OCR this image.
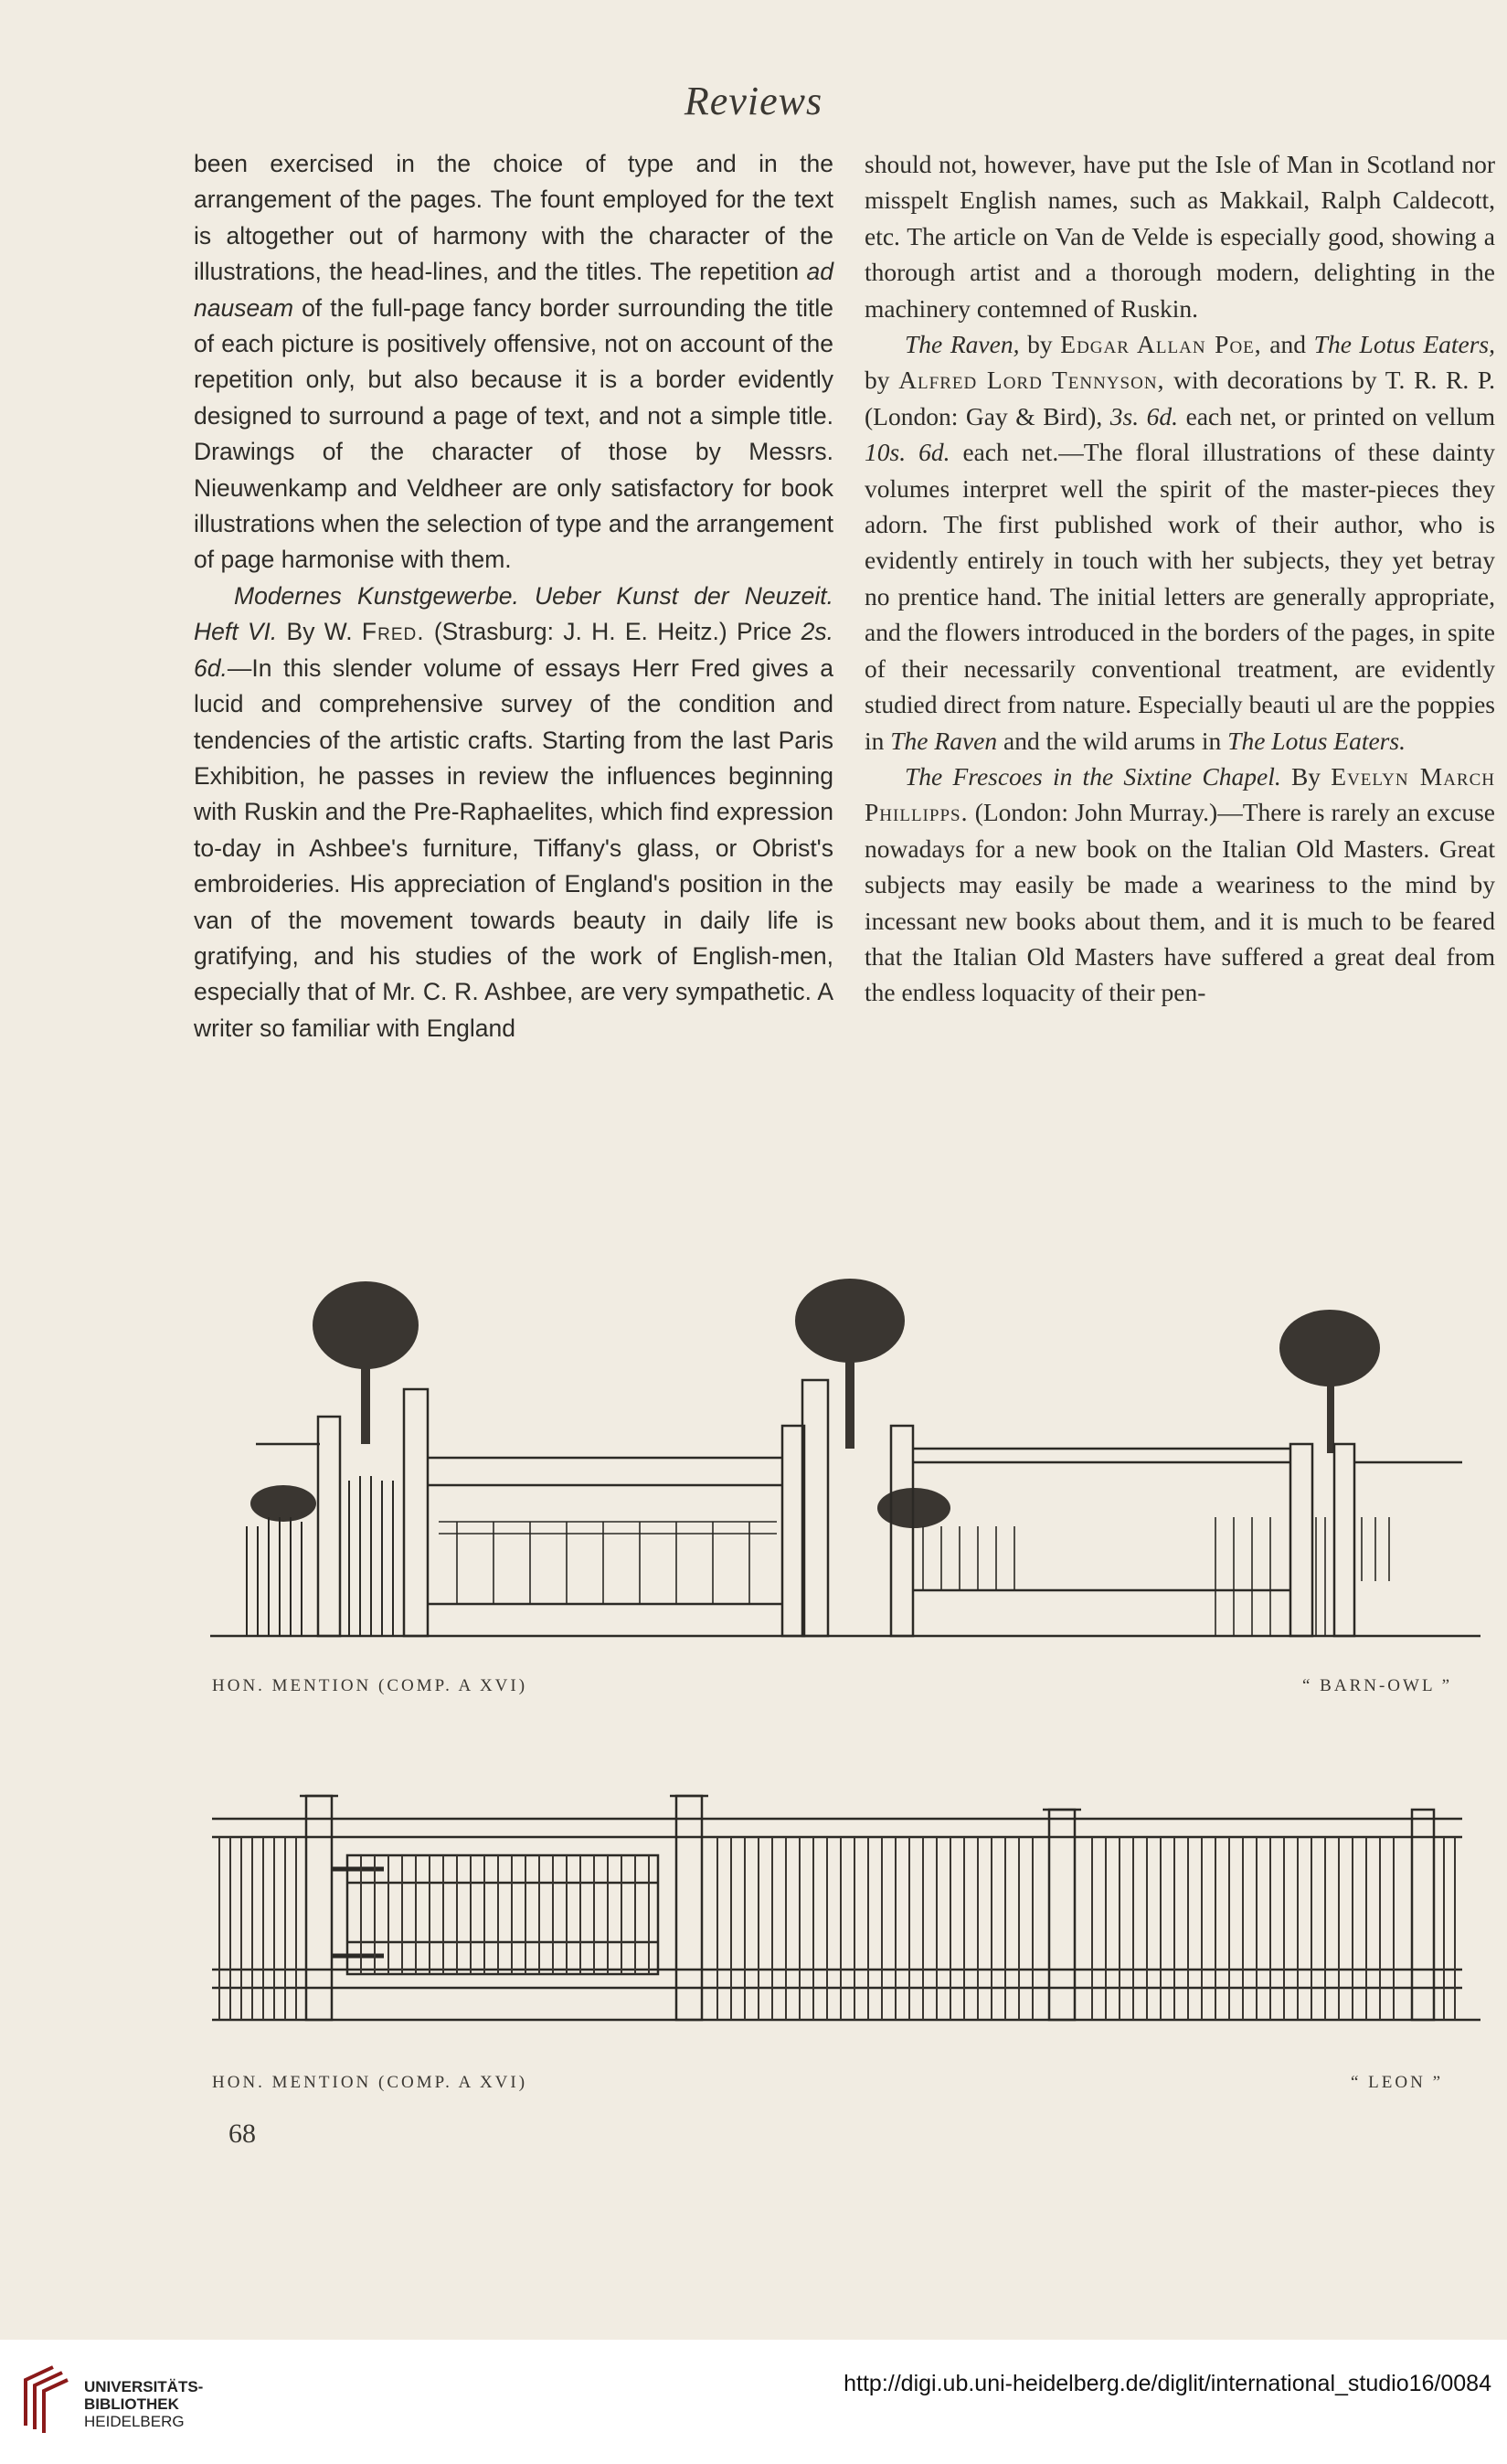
Reviews

been exercised in the choice of type and in the arrangement of the pages. The fount employed for the text is altogether out of harmony with the character of the illustrations, the head-lines, and the titles. The repetition ad nauseam of the full-page fancy border surrounding the title of each picture is positively offensive, not on account of the repetition only, but also because it is a border evidently designed to surround a page of text, and not a simple title. Drawings of the character of those by Messrs. Nieuwenkamp and Veldheer are only satisfactory for book illustrations when the selection of type and the arrangement of page harmonise with them.

Modernes Kunstgewerbe. Ueber Kunst der Neuzeit. Heft VI. By W. Fred. (Strasburg: J. H. E. Heitz.) Price 2s. 6d.—In this slender volume of essays Herr Fred gives a lucid and comprehensive survey of the condition and tendencies of the artistic crafts. Starting from the last Paris Exhibition, he passes in review the influences beginning with Ruskin and the Pre-Raphaelites, which find expression to-day in Ashbee's furniture, Tiffany's glass, or Obrist's embroideries. His appreciation of England's position in the van of the movement towards beauty in daily life is gratifying, and his studies of the work of English-men, especially that of Mr. C. R. Ashbee, are very sympathetic. A writer so familiar with England

should not, however, have put the Isle of Man in Scotland nor misspelt English names, such as Makkail, Ralph Caldecott, etc. The article on Van de Velde is especially good, showing a thorough artist and a thorough modern, delighting in the machinery contemned of Ruskin.

The Raven, by Edgar Allan Poe, and The Lotus Eaters, by Alfred Lord Tennyson, with decorations by T. R. R. P. (London: Gay & Bird), 3s. 6d. each net, or printed on vellum 10s. 6d. each net.—The floral illustrations of these dainty volumes interpret well the spirit of the master-pieces they adorn. The first published work of their author, who is evidently entirely in touch with her subjects, they yet betray no prentice hand. The initial letters are generally appropriate, and the flowers introduced in the borders of the pages, in spite of their necessarily conventional treatment, are evidently studied direct from nature. Especially beauti ul are the poppies in The Raven and the wild arums in The Lotus Eaters.

The Frescoes in the Sixtine Chapel. By Evelyn March Phillipps. (London: John Murray.)—There is rarely an excuse nowadays for a new book on the Italian Old Masters. Great subjects may easily be made a weariness to the mind by incessant new books about them, and it is much to be feared that the Italian Old Masters have suffered a great deal from the endless loquacity of their pen-

HON. MENTION (COMP. A XVI)	“ BARN-OWL ”
HON. MENTION (COMP. A XVI)	“ LEON ”
68
UNIVERSITÄTS-
BIBLIOTHEK
HEIDELBERG
http://digi.ub.uni-heidelberg.de/diglit/international_studio16/0084
